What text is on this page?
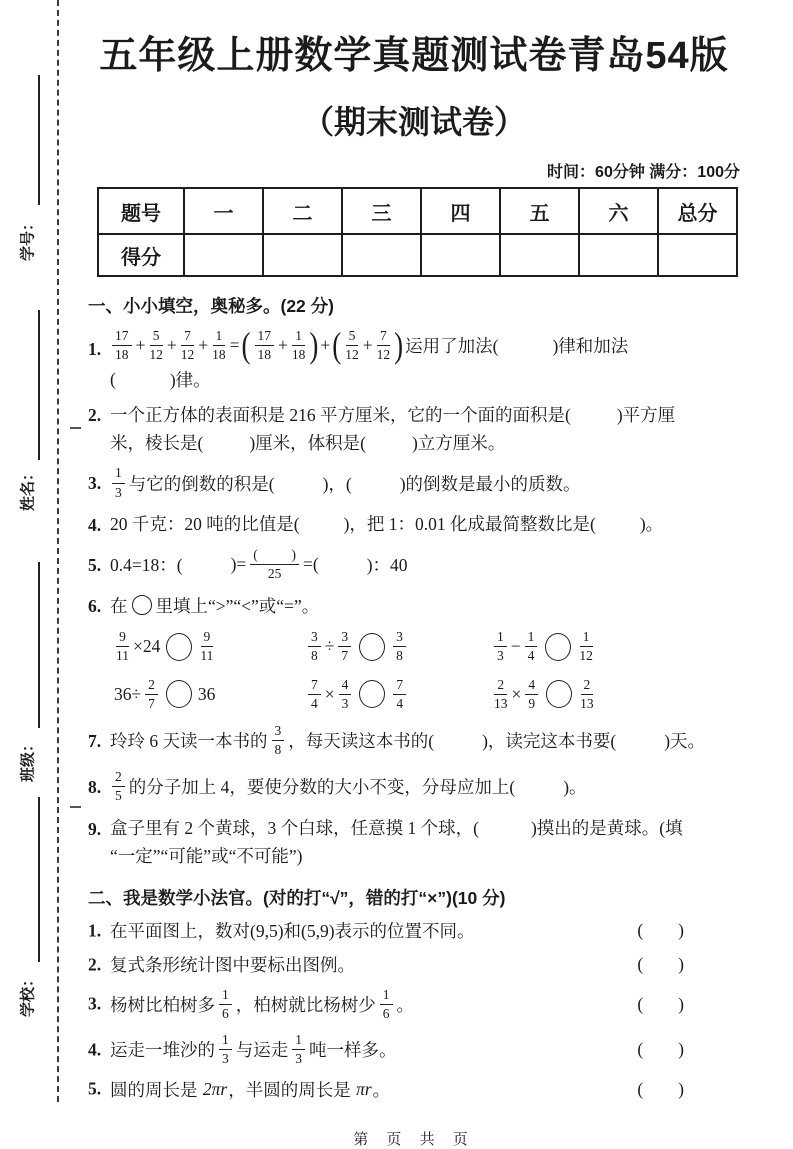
学号：
姓名：
班级：
学校：
五年级上册数学真题测试卷青岛54版
（期末测试卷）
时间：60分钟 满分：100分
题号	一	二	三	四	五	六	总分
得分							
一、小小填空，奥秘多。(22 分)
1. $\frac{17}{18} + \frac{5}{12} + \frac{7}{12} + \frac{1}{18}$ = ( $\frac{17}{18} + \frac{1}{18}$ ) + ( $\frac{5}{12} + \frac{7}{12}$ ) 运用了加法(	)律和加法
(	)律。
2. 一个正方体的表面积是 216 平方厘米，它的一个面的面积是(	)平方厘
米，棱长是(	)厘米，体积是(	)立方厘米。
3. $\frac{1}{3}$ 与它的倒数的积是(	)，(	)的倒数是最小的质数。
4. 20 千克：20 吨的比值是(	)，把 1：0.01 化成最简整数比是(	)。
5. 0.4=18：(	)= $\frac{( )}{25}$ =(	)：40
6. 在 里填上“>”“<”或“=”。
$\frac{9}{11} \times 24$	$\frac{9}{11}$	$\frac{3}{8} \div \frac{3}{7}$	$\frac{3}{8}$	$\frac{1}{3} - \frac{1}{4}$	$\frac{1}{12}$
$36\div \frac{2}{7} 36$	$\frac{7}{4} \times \frac{4}{3}$	$\frac{7}{4}$	$\frac{2}{13} \times \frac{4}{9}$	$\frac{2}{13}$
7. 玲玲 6 天读一本书的 $\frac{3}{8}$ ，每天读这本书的(	)，读完这本书要(	)天。
8. $\frac{2}{5}$ 的分子加上 4，要使分数的大小不变，分母应加上(	)。
9. 盒子里有 2 个黄球，3 个白球，任意摸 1 个球，(	)摸出的是黄球。(填
“一定”“可能”或“不可能”)
二、我是数学小法官。(对的打“√”，错的打“×”)(10 分)
1. 在平面图上，数对(9,5)和(5,9)表示的位置不同。	(        )
2. 复式条形统计图中要标出图例。	(        )
3. 杨树比柏树多 $\frac{1}{6}$ ，柏树就比杨树少 $\frac{1}{6}$ 。	(        )
4. 运走一堆沙的 $\frac{1}{3}$ 与运走 $\frac{1}{3}$ 吨一样多。	(        )
5. 圆的周长是 2πr ，半圆的周长是 πr 。	(        )
第 页 共 页
